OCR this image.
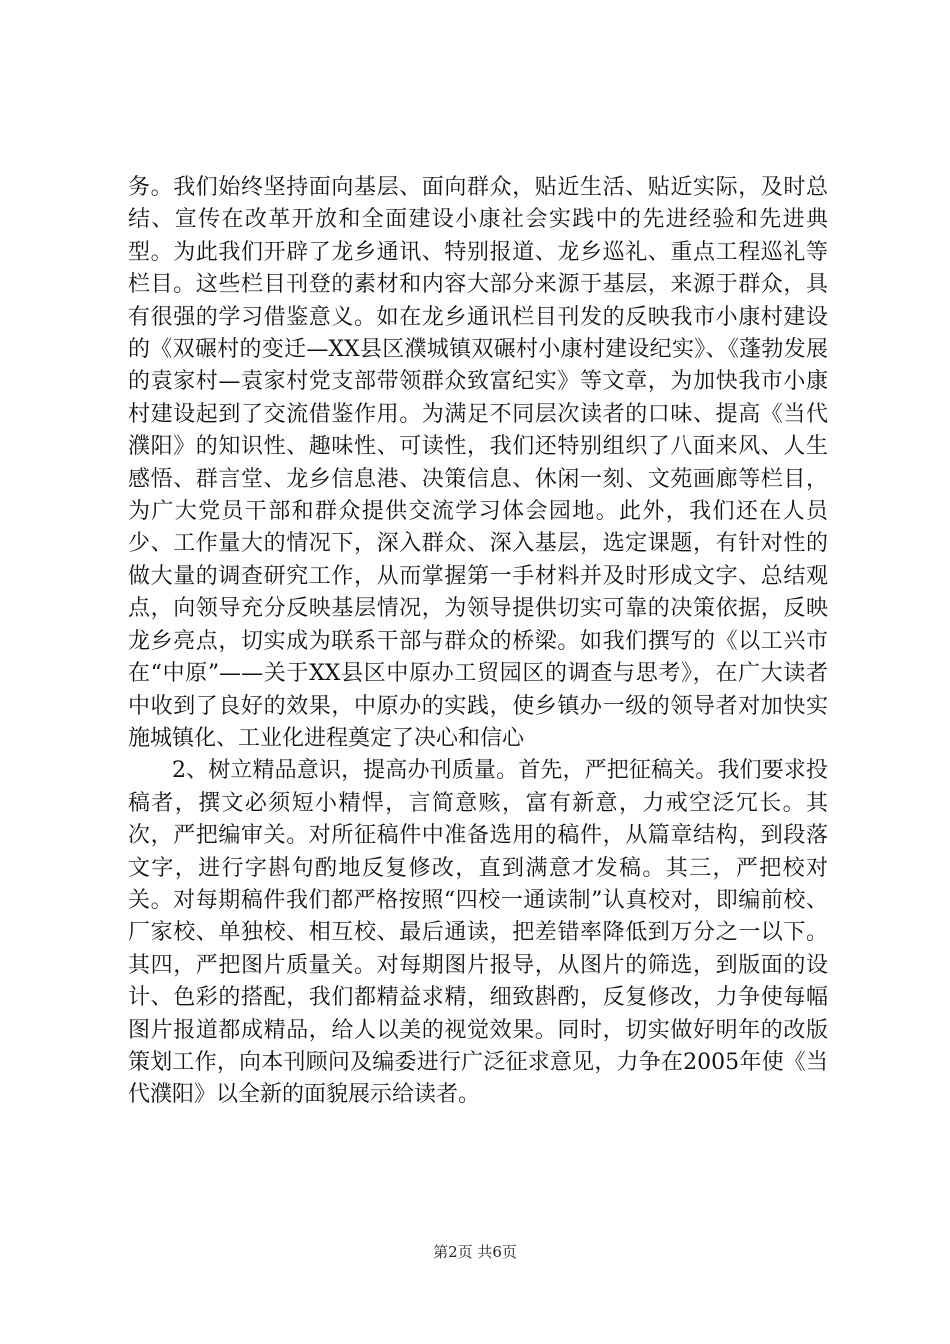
务。我们始终坚持面向基层、面向群众，贴近生活、贴近实际，及时总结、宣传在改革开放和全面建设小康社会实践中的先进经验和先进典型。为此我们开辟了龙乡通讯、特别报道、龙乡巡礼、重点工程巡礼等栏目。这些栏目刊登的素材和内容大部分来源于基层，来源于群众，具有很强的学习借鉴意义。如在龙乡通讯栏目刊发的反映我市小康村建设的《双碾村的变迁—XX县区濮城镇双碾村小康村建设纪实》、《蓬勃发展的袁家村—袁家村党支部带领群众致富纪实》等文章，为加快我市小康村建设起到了交流借鉴作用。为满足不同层次读者的口味、提高《当代濮阳》的知识性、趣味性、可读性，我们还特别组织了八面来风、人生感悟、群言堂、龙乡信息港、决策信息、休闲一刻、文苑画廊等栏目，为广大党员干部和群众提供交流学习体会园地。此外，我们还在人员少、工作量大的情况下，深入群众、深入基层，选定课题，有针对性的做大量的调查研究工作，从而掌握第一手材料并及时形成文字、总结观点，向领导充分反映基层情况，为领导提供切实可靠的决策依据，反映龙乡亮点，切实成为联系干部与群众的桥梁。如我们撰写的《以工兴市在“中原”——关于XX县区中原办工贸园区的调查与思考》，在广大读者中收到了良好的效果，中原办的实践，使乡镇办一级的领导者对加快实施城镇化、工业化进程奠定了决心和信心

2、树立精品意识，提高办刊质量。首先，严把征稿关。我们要求投稿者，撰文必须短小精悍，言简意赅，富有新意，力戒空泛冗长。其次，严把编审关。对所征稿件中准备选用的稿件，从篇章结构，到段落文字，进行字斟句酌地反复修改，直到满意才发稿。其三，严把校对关。对每期稿件我们都严格按照“四校一通读制”认真校对，即编前校、厂家校、单独校、相互校、最后通读，把差错率降低到万分之一以下。其四，严把图片质量关。对每期图片报导，从图片的筛选，到版面的设计、色彩的搭配，我们都精益求精，细致斟酌，反复修改，力争使每幅图片报道都成精品，给人以美的视觉效果。同时，切实做好明年的改版策划工作，向本刊顾问及编委进行广泛征求意见，力争在2005年使《当代濮阳》以全新的面貌展示给读者。

第2页 共6页
